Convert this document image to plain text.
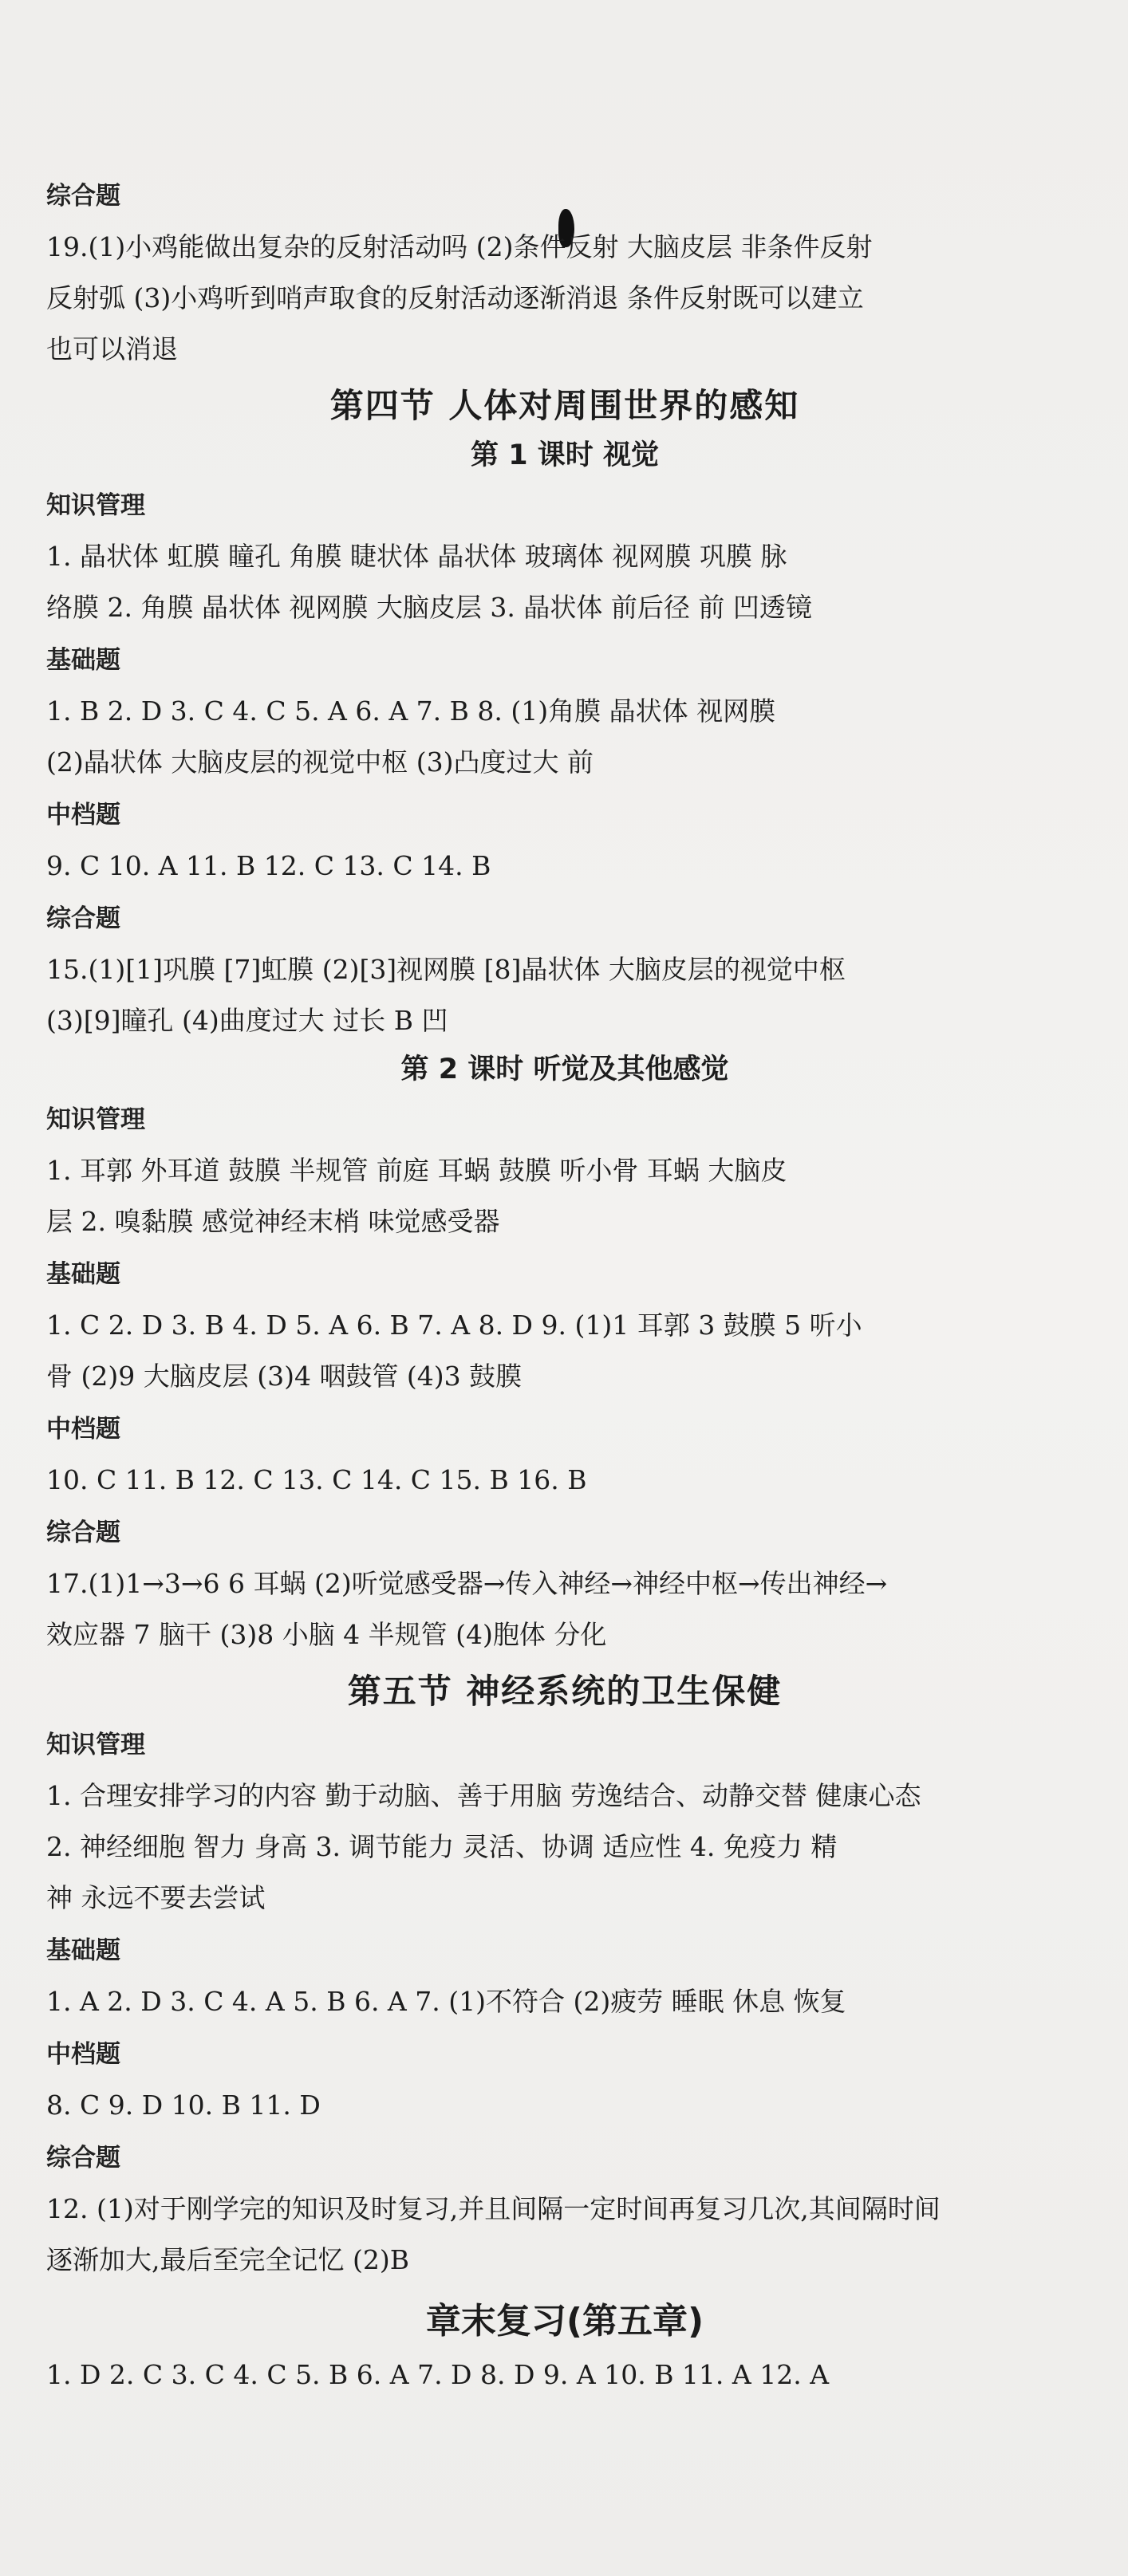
综合题
19.(1)小鸡能做出复杂的反射活动吗 (2)条件反射 大脑皮层 非条件反射
反射弧 (3)小鸡听到哨声取食的反射活动逐渐消退 条件反射既可以建立
也可以消退
第四节 人体对周围世界的感知
第 1 课时 视觉
知识管理
1. 晶状体 虹膜 瞳孔 角膜 睫状体 晶状体 玻璃体 视网膜 巩膜 脉
络膜 2. 角膜 晶状体 视网膜 大脑皮层 3. 晶状体 前后径 前 凹透镜
基础题
1. B 2. D 3. C 4. C 5. A 6. A 7. B 8. (1)角膜 晶状体 视网膜
(2)晶状体 大脑皮层的视觉中枢 (3)凸度过大 前
中档题
9. C 10. A 11. B 12. C 13. C 14. B
综合题
15.(1)[1]巩膜 [7]虹膜 (2)[3]视网膜 [8]晶状体 大脑皮层的视觉中枢
(3)[9]瞳孔 (4)曲度过大 过长 B 凹
第 2 课时 听觉及其他感觉
知识管理
1. 耳郭 外耳道 鼓膜 半规管 前庭 耳蜗 鼓膜 听小骨 耳蜗 大脑皮
层 2. 嗅黏膜 感觉神经末梢 味觉感受器
基础题
1. C 2. D 3. B 4. D 5. A 6. B 7. A 8. D 9. (1)1 耳郭 3 鼓膜 5 听小
骨 (2)9 大脑皮层 (3)4 咽鼓管 (4)3 鼓膜
中档题
10. C 11. B 12. C 13. C 14. C 15. B 16. B
综合题
17.(1)1→3→6 6 耳蜗 (2)听觉感受器→传入神经→神经中枢→传出神经→
效应器 7 脑干 (3)8 小脑 4 半规管 (4)胞体 分化
第五节 神经系统的卫生保健
知识管理
1. 合理安排学习的内容 勤于动脑、善于用脑 劳逸结合、动静交替 健康心态
2. 神经细胞 智力 身高 3. 调节能力 灵活、协调 适应性 4. 免疫力 精
神 永远不要去尝试
基础题
1. A 2. D 3. C 4. A 5. B 6. A 7. (1)不符合 (2)疲劳 睡眠 休息 恢复
中档题
8. C 9. D 10. B 11. D
综合题
12. (1)对于刚学完的知识及时复习,并且间隔一定时间再复习几次,其间隔时间
逐渐加大,最后至完全记忆 (2)B
章末复习(第五章)
1. D 2. C 3. C 4. C 5. B 6. A 7. D 8. D 9. A 10. B 11. A 12. A
